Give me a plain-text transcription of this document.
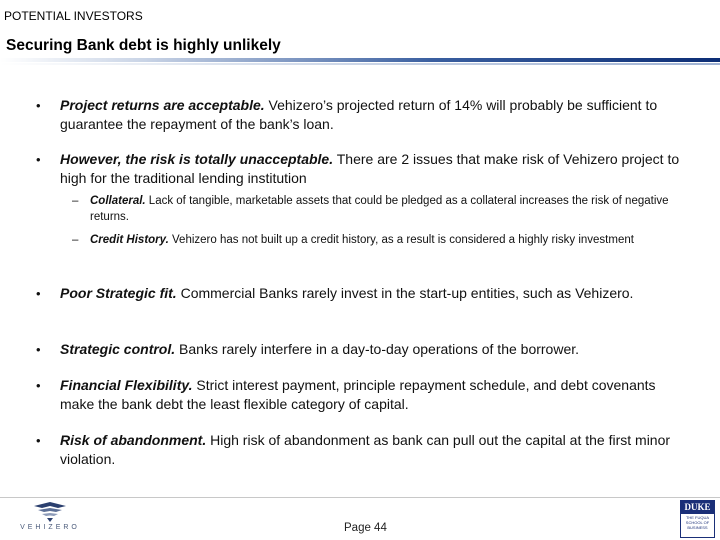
POTENTIAL INVESTORS
Securing Bank debt is highly unlikely
• Project returns are acceptable. Vehizero’s projected return of 14% will probably be sufficient to guarantee the repayment of the bank’s loan.
• However, the risk is totally unacceptable. There are 2 issues that make risk of Vehizero project to high for the traditional lending institution
– Collateral. Lack of tangible, marketable assets that could be pledged as a collateral increases the risk of negative returns.
– Credit History. Vehizero has not built up a credit history, as a result is considered a highly risky investment
• Poor Strategic fit. Commercial Banks rarely invest in the start-up entities, such as Vehizero.
• Strategic control. Banks rarely interfere in a day-to-day operations of the borrower.
• Financial Flexibility. Strict interest payment, principle repayment schedule, and debt covenants make the bank debt the least flexible category of capital.
• Risk of abandonment. High risk of abandonment as bank can pull out the capital at the first minor violation.
VEHIZERO	Page 44
DUKE
THE FUQUA SCHOOL OF BUSINESS
